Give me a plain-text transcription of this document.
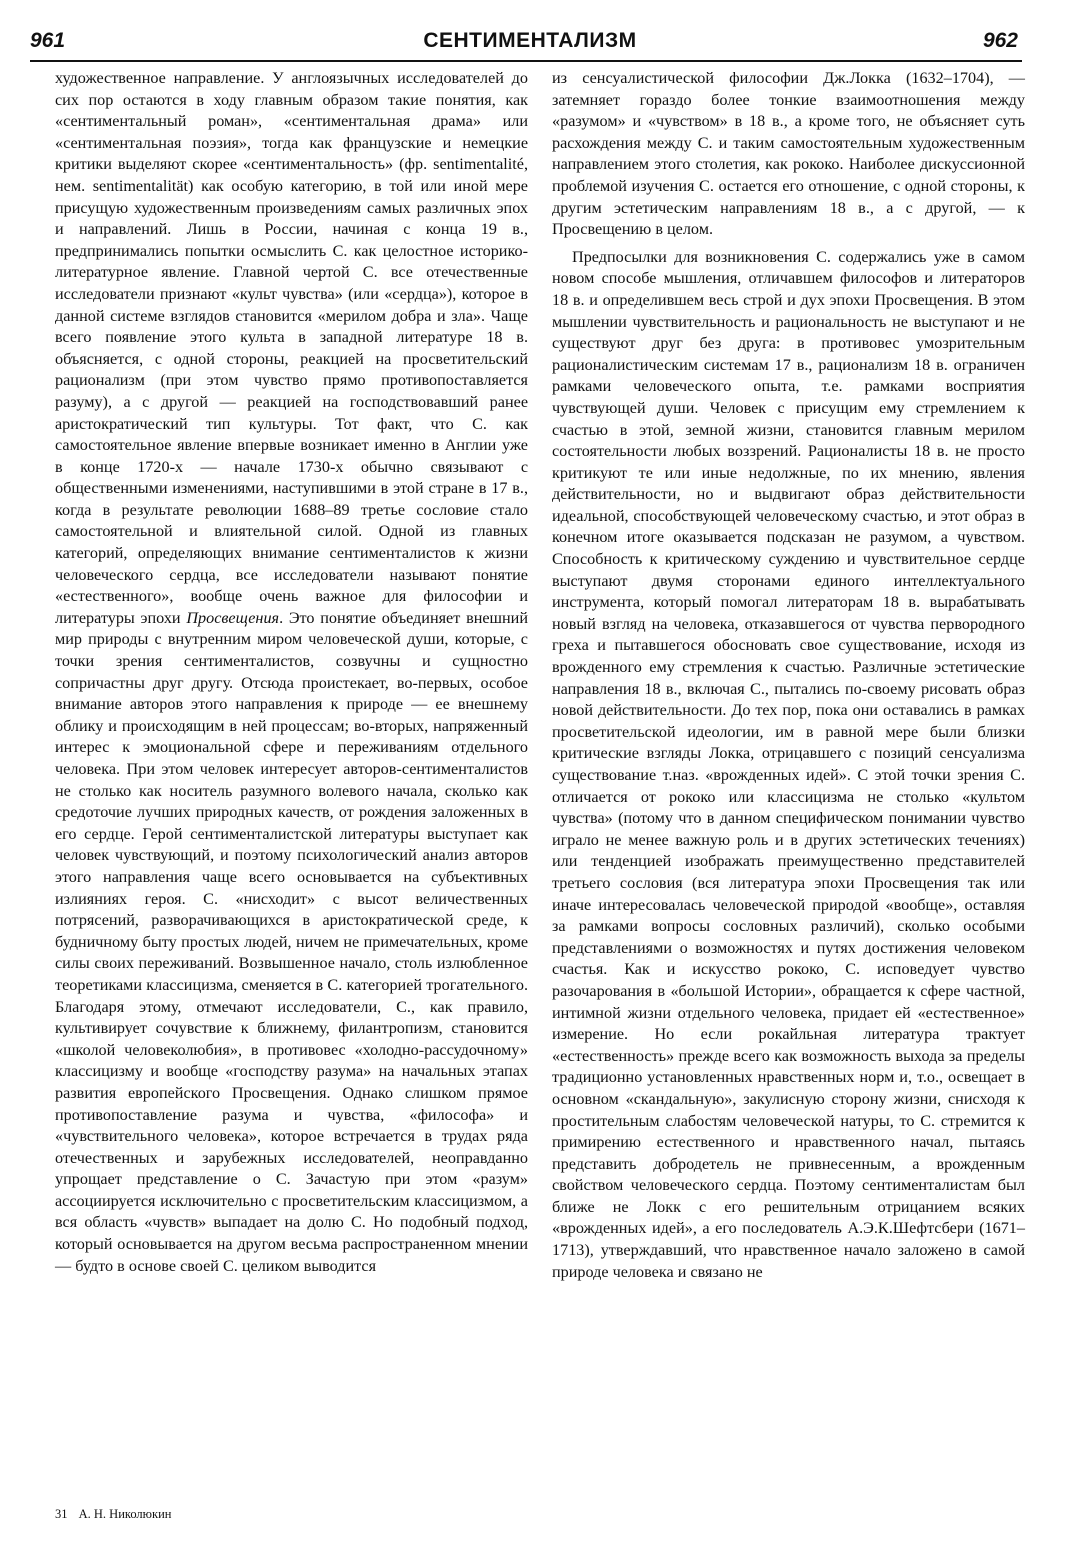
961	СЕНТИМЕНТАЛИЗМ	962

художественное направление. У англоязычных исследователей до сих пор остаются в ходу главным образом такие понятия, как «сентиментальный роман», «сентиментальная драма» или «сентиментальная поэзия», тогда как французские и немецкие критики выделяют скорее «сентиментальность» (фр. sentimentalité, нем. sentimentalität) как особую категорию, в той или иной мере присущую художественным произведениям самых различных эпох и направлений. Лишь в России, начиная с конца 19 в., предпринимались попытки осмыслить С. как целостное историко-литературное явление. Главной чертой С. все отечественные исследователи признают «культ чувства» (или «сердца»), которое в данной системе взглядов становится «мерилом добра и зла». Чаще всего появление этого культа в западной литературе 18 в. объясняется, с одной стороны, реакцией на просветительский рационализм (при этом чувство прямо противопоставляется разуму), а с другой — реакцией на господствовавший ранее аристократический тип культуры. Тот факт, что С. как самостоятельное явление впервые возникает именно в Англии уже в конце 1720-х — начале 1730-х обычно связывают с общественными изменениями, наступившими в этой стране в 17 в., когда в результате революции 1688–89 третье сословие стало самостоятельной и влиятельной силой. Одной из главных категорий, определяющих внимание сентименталистов к жизни человеческого сердца, все исследователи называют понятие «естественного», вообще очень важное для философии и литературы эпохи Просвещения. Это понятие объединяет внешний мир природы с внутренним миром человеческой души, которые, с точки зрения сентименталистов, созвучны и сущностно сопричастны друг другу. Отсюда проистекает, во-первых, особое внимание авторов этого направления к природе — ее внешнему облику и происходящим в ней процессам; во-вторых, напряженный интерес к эмоциональной сфере и переживаниям отдельного человека. При этом человек интересует авторов-сентименталистов не столько как носитель разумного волевого начала, сколько как средоточие лучших природных качеств, от рождения заложенных в его сердце. Герой сентименталистской литературы выступает как человек чувствующий, и поэтому психологический анализ авторов этого направления чаще всего основывается на субъективных излияниях героя. С. «нисходит» с высот величественных потрясений, разворачивающихся в аристократической среде, к будничному быту простых людей, ничем не примечательных, кроме силы своих переживаний. Возвышенное начало, столь излюбленное теоретиками классицизма, сменяется в С. категорией трогательного. Благодаря этому, отмечают исследователи, С., как правило, культивирует сочувствие к ближнему, филантропизм, становится «школой человеколюбия», в противовес «холодно-рассудочному» классицизму и вообще «господству разума» на начальных этапах развития европейского Просвещения. Однако слишком прямое противопоставление разума и чувства, «философа» и «чувствительного человека», которое встречается в трудах ряда отечественных и зарубежных исследователей, неоправданно упрощает представление о С. Зачастую при этом «разум» ассоциируется исключительно с просветительским классицизмом, а вся область «чувств» выпадает на долю С. Но подобный подход, который основывается на другом весьма распространенном мнении — будто в основе своей С. целиком выводится

из сенсуалистической философии Дж.Локка (1632–1704), — затемняет гораздо более тонкие взаимоотношения между «разумом» и «чувством» в 18 в., а кроме того, не объясняет суть расхождения между С. и таким самостоятельным художественным направлением этого столетия, как рококо. Наиболее дискуссионной проблемой изучения С. остается его отношение, с одной стороны, к другим эстетическим направлениям 18 в., а с другой, — к Просвещению в целом.

Предпосылки для возникновения С. содержались уже в самом новом способе мышления, отличавшем философов и литераторов 18 в. и определившем весь строй и дух эпохи Просвещения. В этом мышлении чувствительность и рациональность не выступают и не существуют друг без друга: в противовес умозрительным рационалистическим системам 17 в., рационализм 18 в. ограничен рамками человеческого опыта, т.е. рамками восприятия чувствующей души. Человек с присущим ему стремлением к счастью в этой, земной жизни, становится главным мерилом состоятельности любых воззрений. Рационалисты 18 в. не просто критикуют те или иные недолжные, по их мнению, явления действительности, но и выдвигают образ действительности идеальной, способствующей человеческому счастью, и этот образ в конечном итоге оказывается подсказан не разумом, а чувством. Способность к критическому суждению и чувствительное сердце выступают двумя сторонами единого интеллектуального инструмента, который помогал литераторам 18 в. вырабатывать новый взгляд на человека, отказавшегося от чувства первородного греха и пытавшегося обосновать свое существование, исходя из врожденного ему стремления к счастью. Различные эстетические направления 18 в., включая С., пытались по-своему рисовать образ новой действительности. До тех пор, пока они оставались в рамках просветительской идеологии, им в равной мере были близки критические взгляды Локка, отрицавшего с позиций сенсуализма существование т.наз. «врожденных идей». С этой точки зрения С. отличается от рококо или классицизма не столько «культом чувства» (потому что в данном специфическом понимании чувство играло не менее важную роль и в других эстетических течениях) или тенденцией изображать преимущественно представителей третьего сословия (вся литература эпохи Просвещения так или иначе интересовалась человеческой природой «вообще», оставляя за рамками вопросы сословных различий), сколько особыми представлениями о возможностях и путях достижения человеком счастья. Как и искусство рококо, С. исповедует чувство разочарования в «большой Истории», обращается к сфере частной, интимной жизни отдельного человека, придает ей «естественное» измерение. Но если рокайльная литература трактует «естественность» прежде всего как возможность выхода за пределы традиционно установленных нравственных норм и, т.о., освещает в основном «скандальную», закулисную сторону жизни, снисходя к простительным слабостям человеческой натуры, то С. стремится к примирению естественного и нравственного начал, пытаясь представить добродетель не привнесенным, а врожденным свойством человеческого сердца. Поэтому сентименталистам был ближе не Локк с его решительным отрицанием всяких «врожденных идей», а его последователь А.Э.К.Шефтсбери (1671–1713), утверждавший, что нравственное начало заложено в самой природе человека и связано не

31 А. Н. Николюкин
